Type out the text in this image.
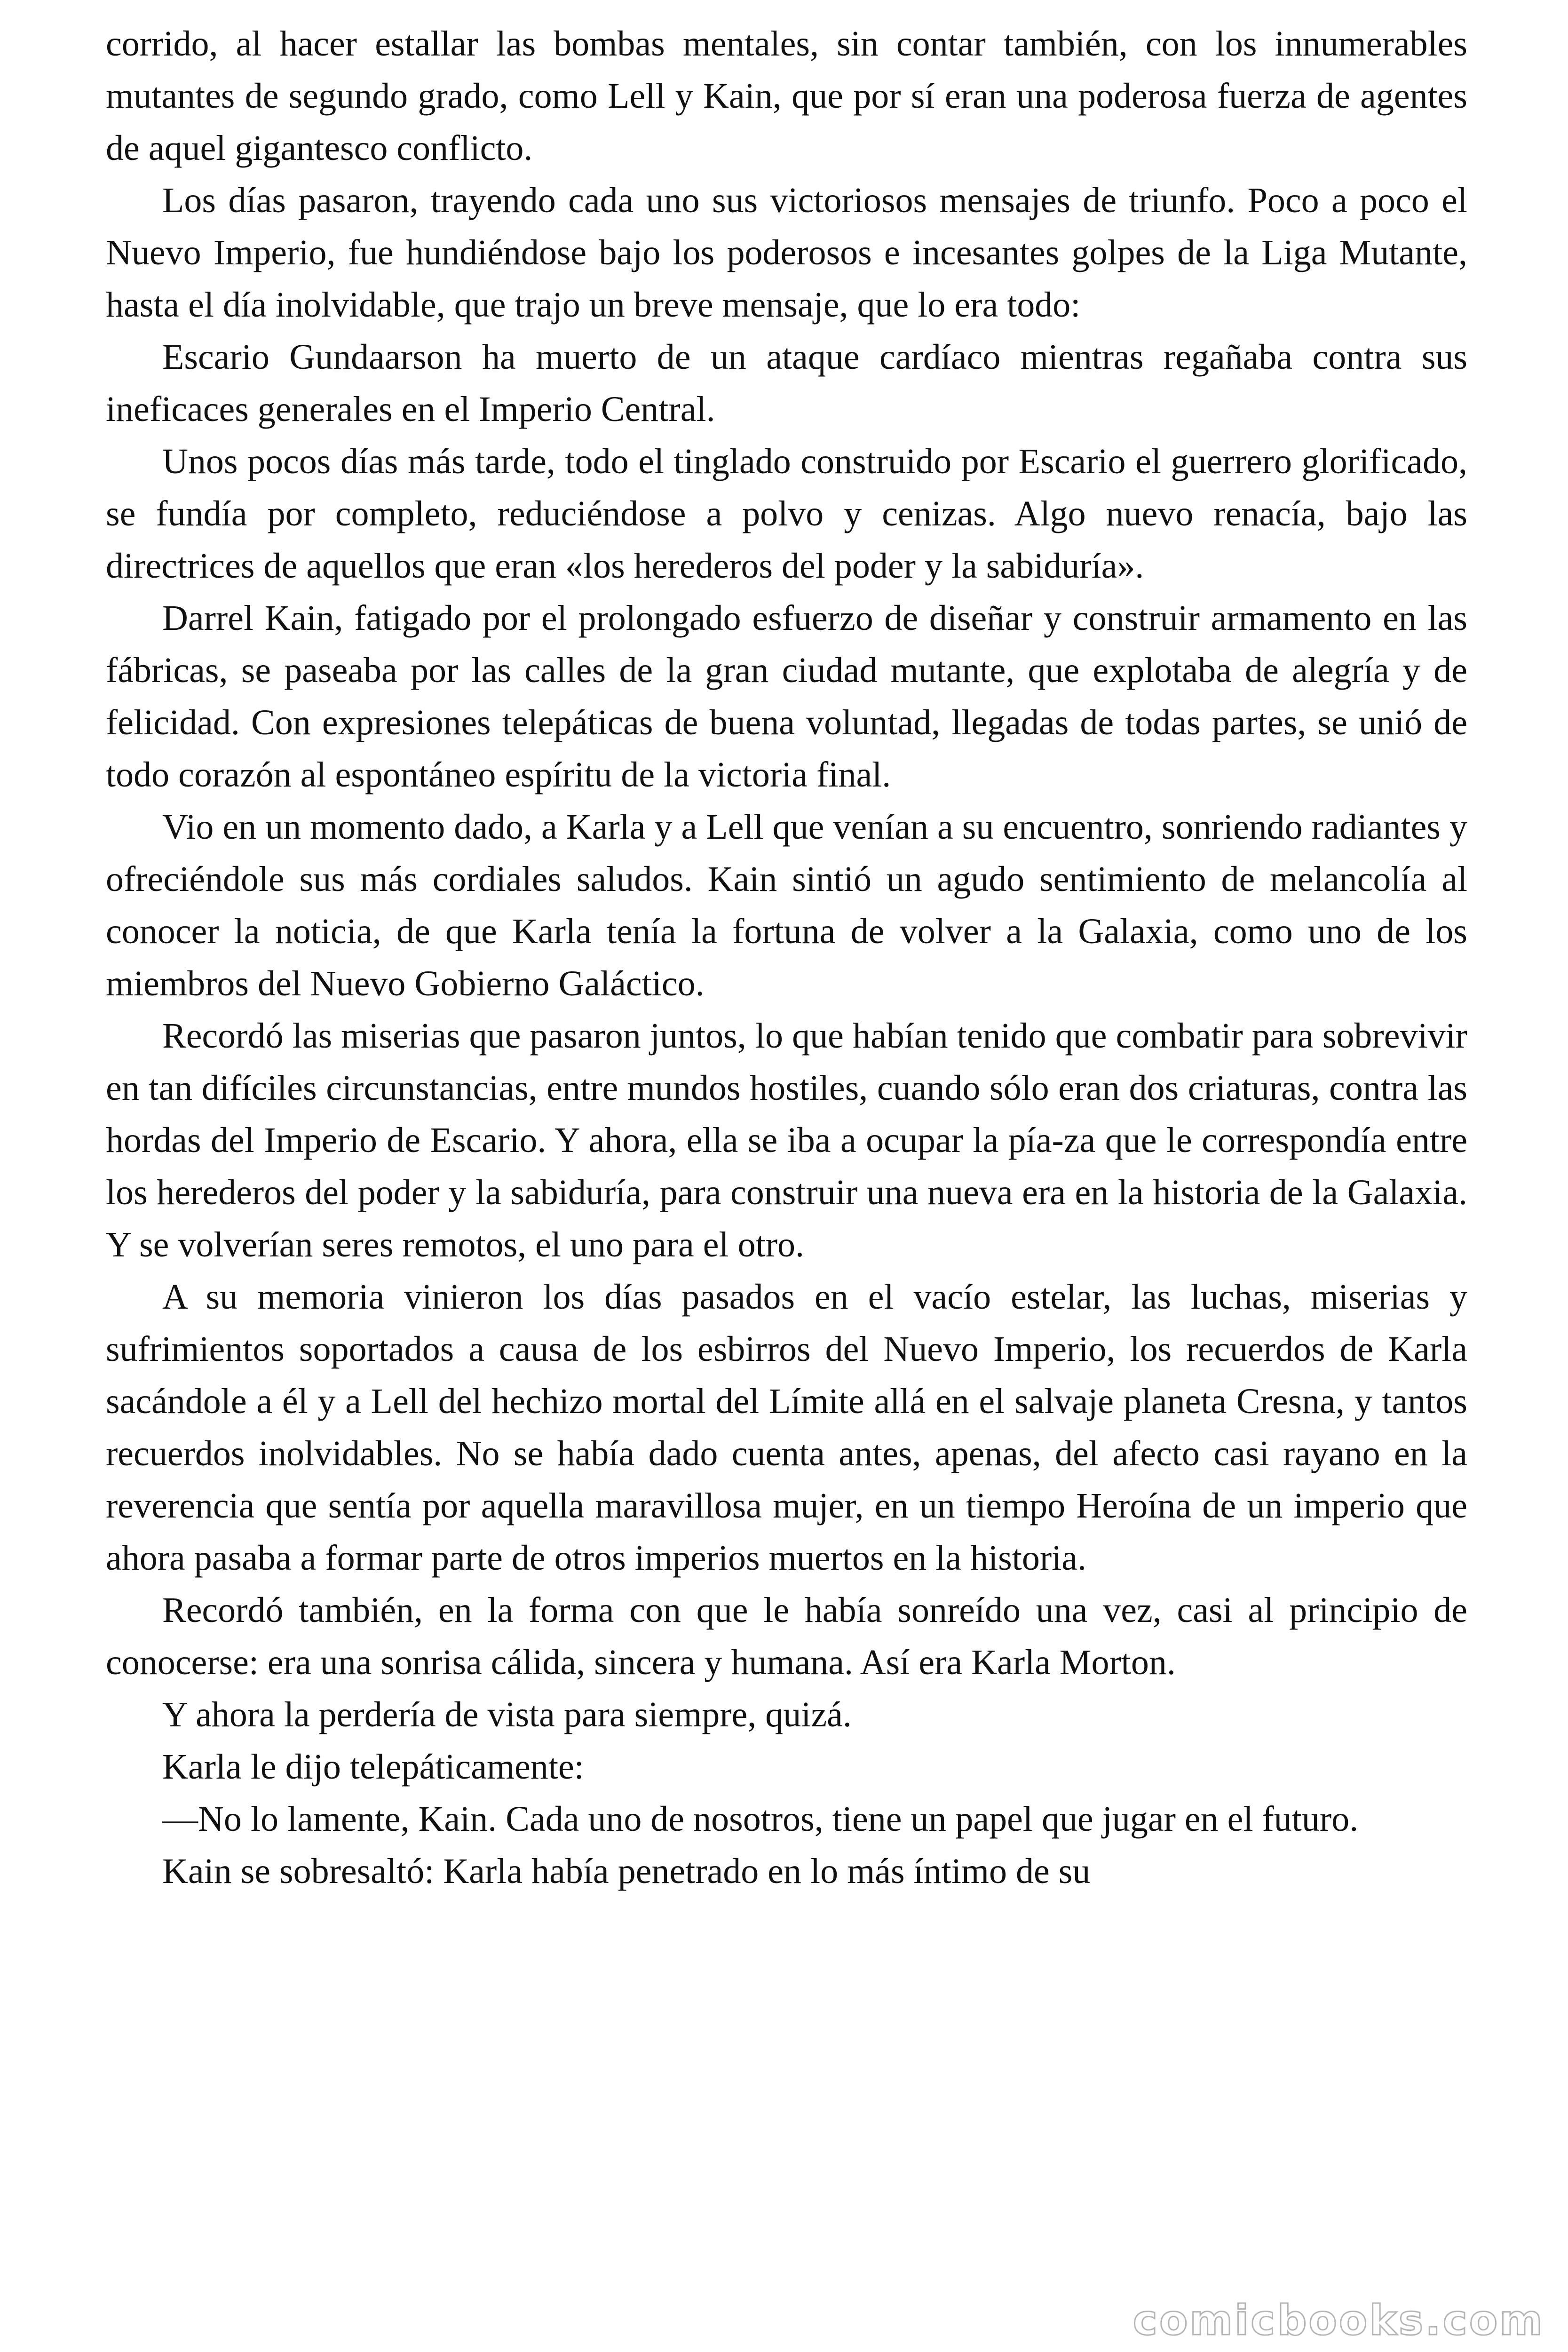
corrido, al hacer estallar las bombas mentales, sin contar también, con los innumerables mutantes de segundo grado, como Lell y Kain, que por sí eran una poderosa fuerza de agentes de aquel gigantesco conflicto.

Los días pasaron, trayendo cada uno sus victoriosos mensajes de triunfo. Poco a poco el Nuevo Imperio, fue hundiéndose bajo los poderosos e incesantes golpes de la Liga Mutante, hasta el día inolvidable, que trajo un breve mensaje, que lo era todo:

Escario Gundaarson ha muerto de un ataque cardíaco mientras regañaba contra sus ineficaces generales en el Imperio Central.

Unos pocos días más tarde, todo el tinglado construido por Escario el guerrero glorificado, se fundía por completo, reduciéndose a polvo y cenizas. Algo nuevo renacía, bajo las directrices de aquellos que eran «los herederos del poder y la sabiduría».

Darrel Kain, fatigado por el prolongado esfuerzo de diseñar y construir armamento en las fábricas, se paseaba por las calles de la gran ciudad mutante, que explotaba de alegría y de felicidad. Con expresiones telepáticas de buena voluntad, llegadas de todas partes, se unió de todo corazón al espontáneo espíritu de la victoria final.

Vio en un momento dado, a Karla y a Lell que venían a su encuentro, sonriendo radiantes y ofreciéndole sus más cordiales saludos. Kain sintió un agudo sentimiento de melancolía al conocer la noticia, de que Karla tenía la fortuna de volver a la Galaxia, como uno de los miembros del Nuevo Gobierno Galáctico.

Recordó las miserias que pasaron juntos, lo que habían tenido que combatir para sobrevivir en tan difíciles circunstancias, entre mundos hostiles, cuando sólo eran dos criaturas, contra las hordas del Imperio de Escario. Y ahora, ella se iba a ocupar la pía-za que le correspondía entre los herederos del poder y la sabiduría, para construir una nueva era en la historia de la Galaxia. Y se volverían seres remotos, el uno para el otro.

A su memoria vinieron los días pasados en el vacío estelar, las luchas, miserias y sufrimientos soportados a causa de los esbirros del Nuevo Imperio, los recuerdos de Karla sacándole a él y a Lell del hechizo mortal del Límite allá en el salvaje planeta Cresna, y tantos recuerdos inolvidables. No se había dado cuenta antes, apenas, del afecto casi rayano en la reverencia que sentía por aquella maravillosa mujer, en un tiempo Heroína de un imperio que ahora pasaba a formar parte de otros imperios muertos en la historia.

Recordó también, en la forma con que le había sonreído una vez, casi al principio de conocerse: era una sonrisa cálida, sincera y humana. Así era Karla Morton.

Y ahora la perdería de vista para siempre, quizá.

Karla le dijo telepáticamente:

—No lo lamente, Kain. Cada uno de nosotros, tiene un papel que jugar en el futuro.

Kain se sobresaltó: Karla había penetrado en lo más íntimo de su

comicbooks.com
